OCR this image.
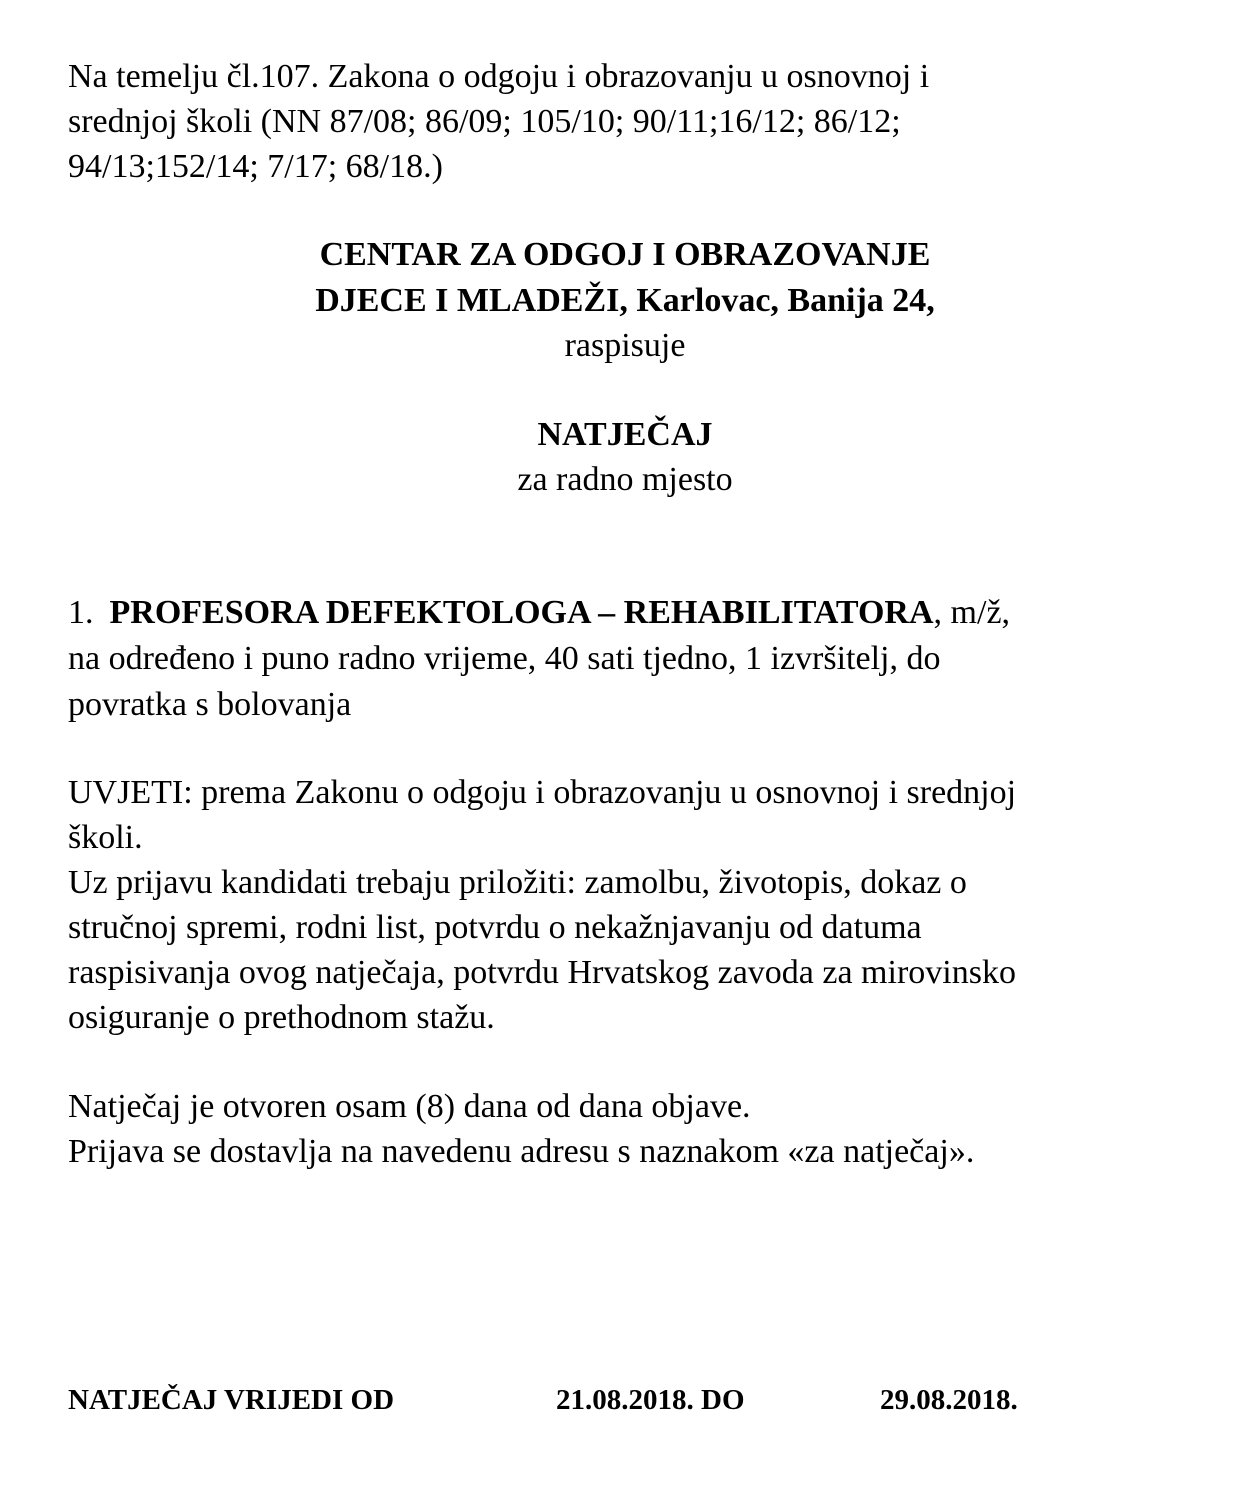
Na temelju čl.107. Zakona o odgoju i obrazovanju u osnovnoj i
srednjoj školi (NN 87/08; 86/09; 105/10; 90/11;16/12; 86/12;
94/13;152/14; 7/17; 68/18.)
CENTAR ZA ODGOJ I OBRAZOVANJE
DJECE I MLADEŽI, Karlovac, Banija 24,
raspisuje
NATJEČAJ
za radno mjesto
1. PROFESORA DEFEKTOLOGA – REHABILITATORA, m/ž,
na određeno i puno radno vrijeme, 40 sati tjedno, 1 izvršitelj, do
povratka s bolovanja
UVJETI: prema Zakonu o odgoju i obrazovanju u osnovnoj i srednjoj
školi.
Uz prijavu kandidati trebaju priložiti: zamolbu, životopis, dokaz o
stručnoj spremi, rodni list, potvrdu o nekažnjavanju od datuma
raspisivanja ovog natječaja, potvrdu Hrvatskog zavoda za mirovinsko
osiguranje o prethodnom stažu.
Natječaj je otvoren osam (8) dana od dana objave.
Prijava se dostavlja na navedenu adresu s naznakom «za natječaj».
NATJEČAJ VRIJEDI OD	21.08.2018. DO	29.08.2018.
